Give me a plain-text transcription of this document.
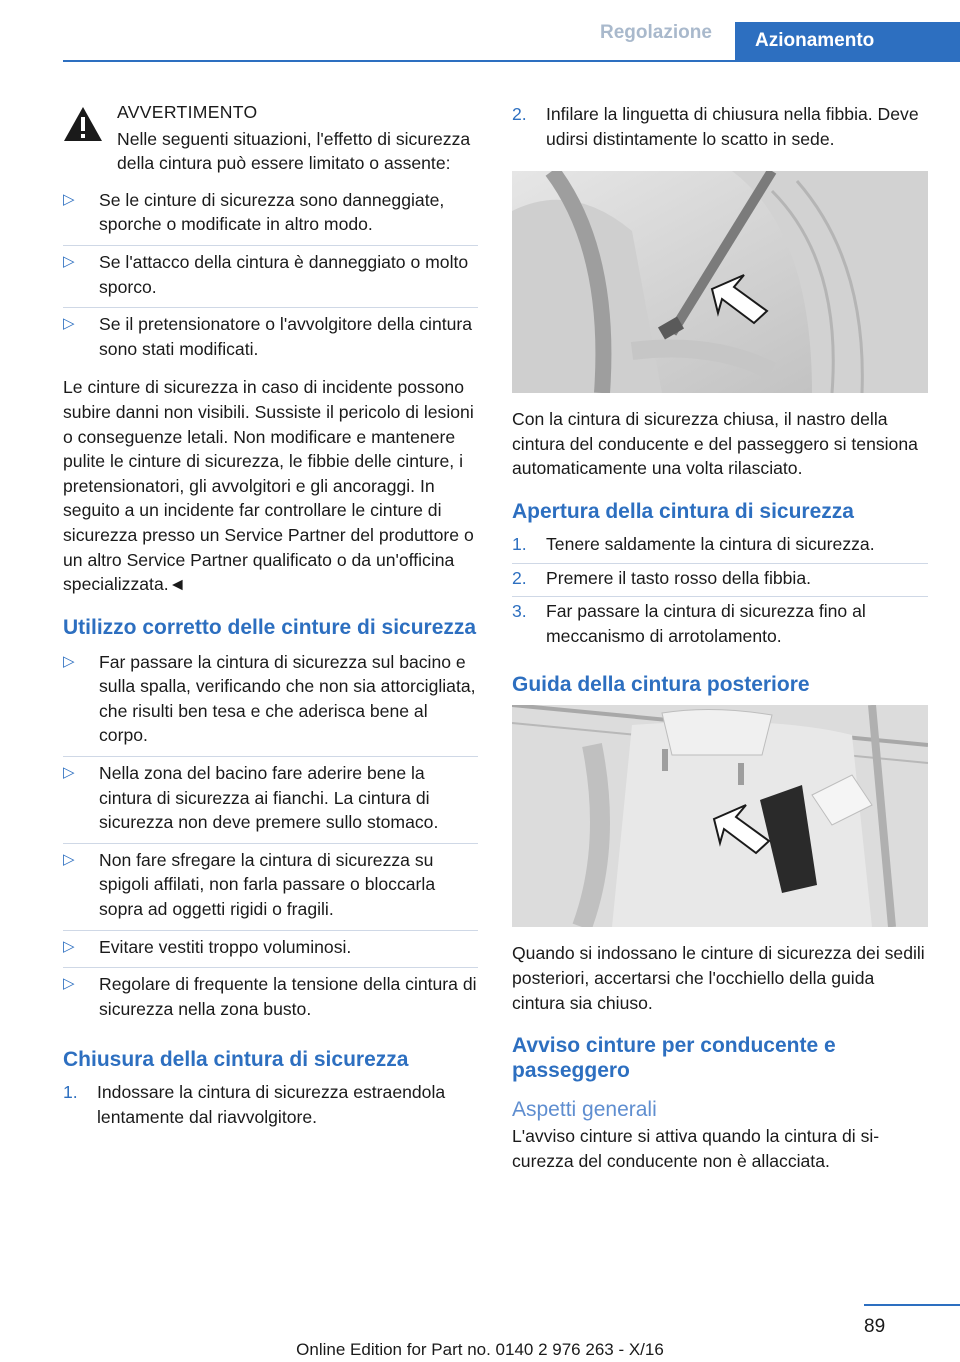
Regolazione	Azionamento
AVVERTIMENTO

Nelle seguenti situazioni, l'effetto di sicurezza della cintura può essere limitato o assente:

▷ Se le cinture di sicurezza sono danneggiate, sporche o modificate in altro modo.
▷ Se l'attacco della cintura è danneggiato o molto sporco.
▷ Se il pretensionatore o l'avvolgitore della cintura sono stati modificati.

Le cinture di sicurezza in caso di incidente possono subire danni non visibili. Sussiste il pericolo di lesioni o conseguenze letali. Non modificare e mantenere pulite le cinture di sicurezza, le fibbie delle cinture, i pretensionatori, gli avvolgitori e gli ancoraggi. In seguito a un incidente far controllare le cinture di sicurezza presso un Service Partner del produttore o un altro Service Partner qualificato o da un'officina specializzata.◄

Utilizzo corretto delle cinture di sicurezza
▷ Far passare la cintura di sicurezza sul bacino e sulla spalla, verificando che non sia attorcigliata, che risulti ben tesa e che aderisca bene al corpo.
▷ Nella zona del bacino fare aderire bene la cintura di sicurezza ai fianchi. La cintura di sicurezza non deve premere sullo stomaco.
▷ Non fare sfregare la cintura di sicurezza su spigoli affilati, non farla passare o bloccarla sopra ad oggetti rigidi o fragili.
▷ Evitare vestiti troppo voluminosi.
▷ Regolare di frequente la tensione della cintura di sicurezza nella zona busto.
Chiusura della cintura di sicurezza
1. Indossare la cintura di sicurezza estraendola lentamente dal riavvolgitore.
2. Infilare la linguetta di chiusura nella fibbia. Deve udirsi distintamente lo scatto in sede.

Con la cintura di sicurezza chiusa, il nastro della cintura del conducente e del passeggero si tensiona automaticamente una volta rilasciato.

Apertura della cintura di sicurezza
1. Tenere saldamente la cintura di sicurezza.
2. Premere il tasto rosso della fibbia.
3. Far passare la cintura di sicurezza fino al meccanismo di arrotolamento.
Guida della cintura posteriore

Quando si indossano le cinture di sicurezza dei sedili posteriori, accertarsi che l'occhiello della guida cintura sia chiuso.

Avviso cinture per conducente e passeggero
Aspetti generali

L'avviso cinture si attiva quando la cintura di sicurezza del conducente non è allacciata.

89
Online Edition for Part no. 0140 2 976 263 - X/16
